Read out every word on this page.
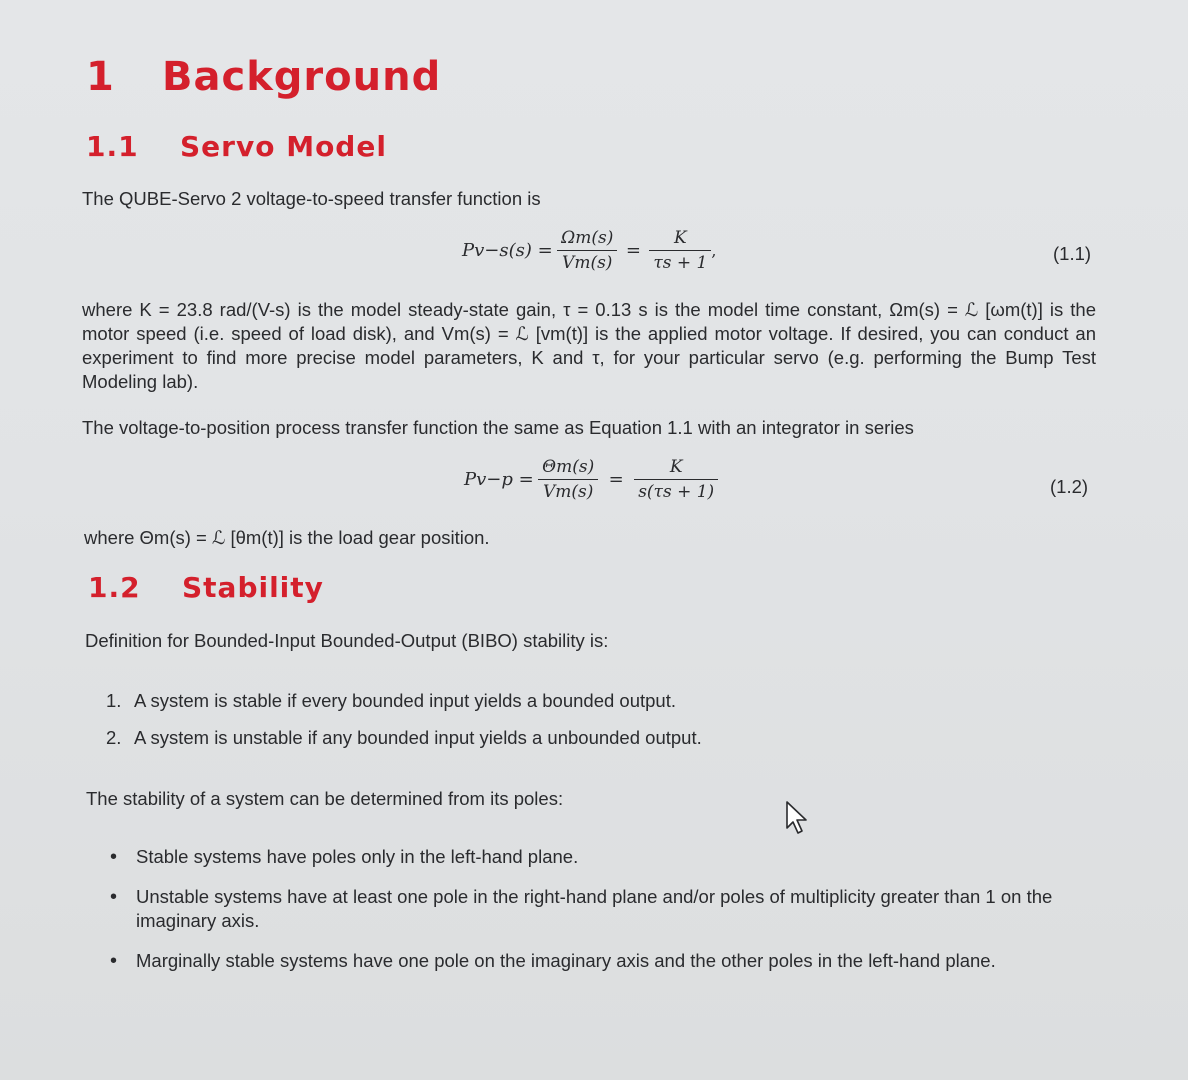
1 Background
1.1 Servo Model
The QUBE-Servo 2 voltage-to-speed transfer function is
$Pv-s(s) = \frac{\Omega m(s)}{Vm(s)} = \frac{K}{\tau s + 1}$ ,	(1.1)
where K = 23.8 rad/(V-s) is the model steady-state gain, τ = 0.13 s is the model time constant, Ωm(s) = ℒ [ωm(t)] is the motor speed (i.e. speed of load disk), and Vm(s) = ℒ [vm(t)] is the applied motor voltage. If desired, you can conduct an experiment to find more precise model parameters, K and τ, for your particular servo (e.g. performing the Bump Test Modeling lab).
The voltage-to-position process transfer function the same as Equation 1.1 with an integrator in series
$Pv-p = \frac{\Theta m(s)}{Vm(s)} = \frac{K}{s(\tau s + 1)}$	(1.2)
where Θm(s) = ℒ [θm(t)] is the load gear position.
1.2 Stability
Definition for Bounded-Input Bounded-Output (BIBO) stability is:
1. A system is stable if every bounded input yields a bounded output.
2. A system is unstable if any bounded input yields a unbounded output.
The stability of a system can be determined from its poles:
• Stable systems have poles only in the left-hand plane.
• Unstable systems have at least one pole in the right-hand plane and/or poles of multiplicity greater than 1 on the imaginary axis.
• Marginally stable systems have one pole on the imaginary axis and the other poles in the left-hand plane.
